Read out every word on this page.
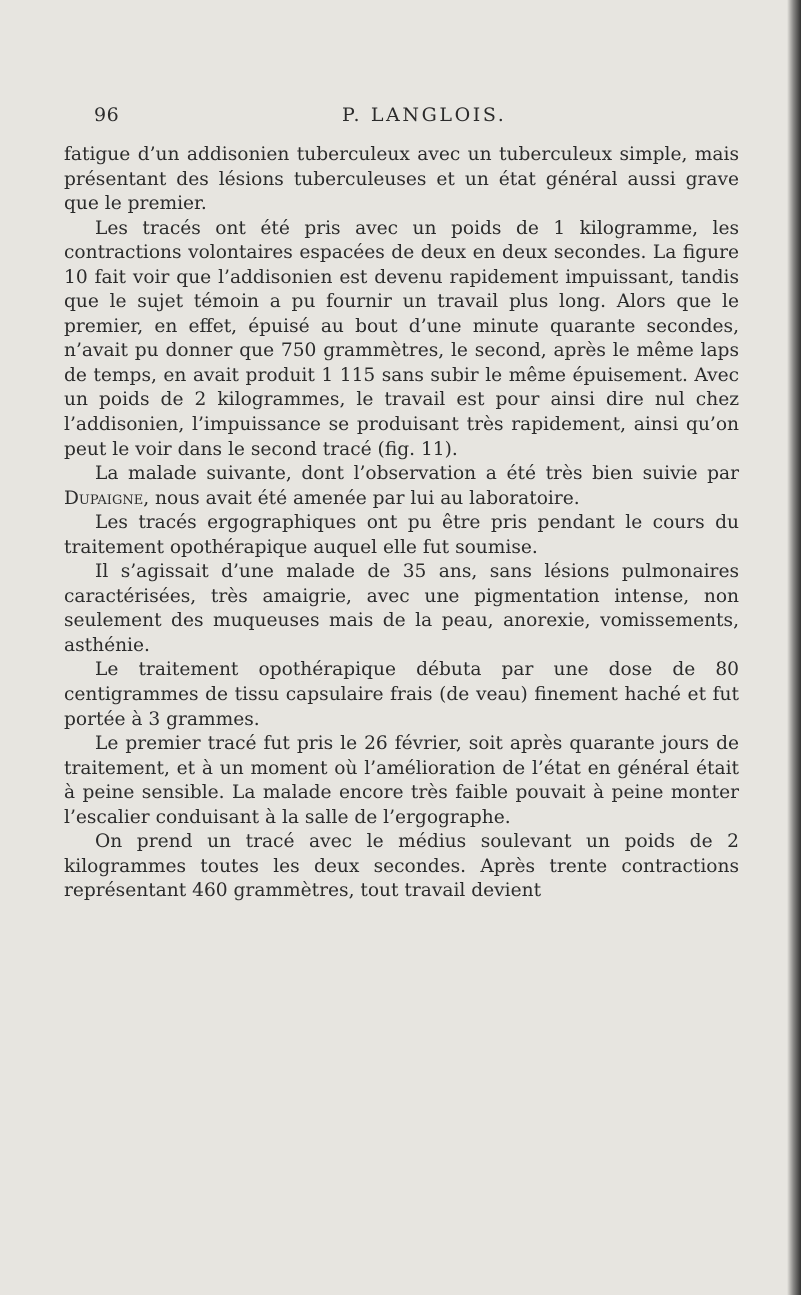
96	P. LANGLOIS.

fatigue d’un addisonien tuberculeux avec un tuberculeux simple, mais présentant des lésions tuberculeuses et un état général aussi grave que le premier.

Les tracés ont été pris avec un poids de 1 kilogramme, les contractions volontaires espacées de deux en deux secondes. La figure 10 fait voir que l’addisonien est devenu rapidement impuissant, tandis que le sujet témoin a pu fournir un travail plus long. Alors que le premier, en effet, épuisé au bout d’une minute quarante secondes, n’avait pu donner que 750 grammètres, le second, après le même laps de temps, en avait produit 1 115 sans subir le même épuisement. Avec un poids de 2 kilogrammes, le travail est pour ainsi dire nul chez l’addisonien, l’impuissance se produisant très rapidement, ainsi qu’on peut le voir dans le second tracé (fig. 11).

La malade suivante, dont l’observation a été très bien suivie par Dupaigne, nous avait été amenée par lui au laboratoire.

Les tracés ergographiques ont pu être pris pendant le cours du traitement opothérapique auquel elle fut soumise.

Il s’agissait d’une malade de 35 ans, sans lésions pulmonaires caractérisées, très amaigrie, avec une pigmentation intense, non seulement des muqueuses mais de la peau, anorexie, vomissements, asthénie.

Le traitement opothérapique débuta par une dose de 80 centigrammes de tissu capsulaire frais (de veau) finement haché et fut portée à 3 grammes.

Le premier tracé fut pris le 26 février, soit après quarante jours de traitement, et à un moment où l’amélioration de l’état en général était à peine sensible. La malade encore très faible pouvait à peine monter l’escalier conduisant à la salle de l’ergographe.

On prend un tracé avec le médius soulevant un poids de 2 kilogrammes toutes les deux secondes. Après trente contractions représentant 460 grammètres, tout travail devient
